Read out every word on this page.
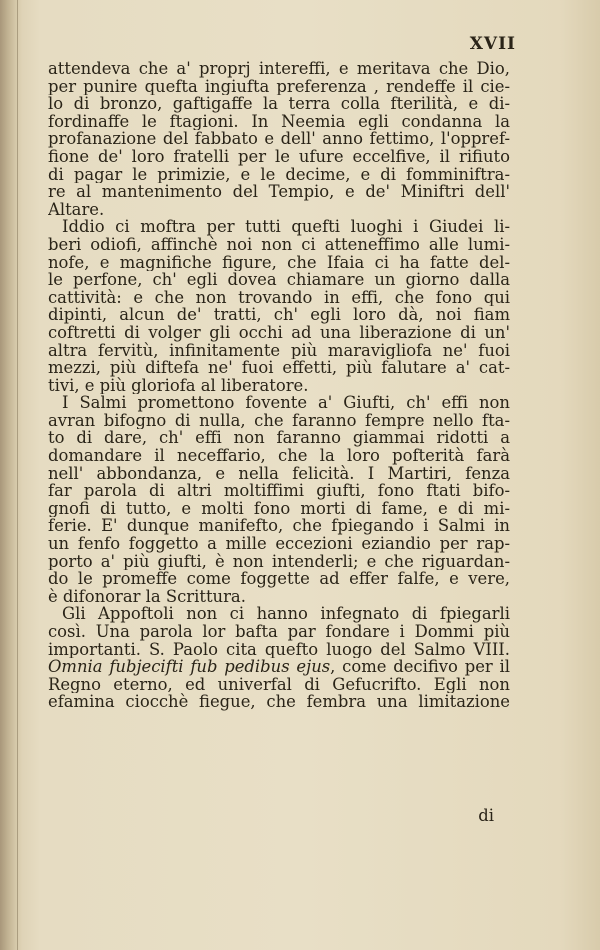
XVII
attendeva che a' proprj intereffi, e meritava che Dio,
per punire quefta ingiufta preferenza , rendeffe il cie-
lo di bronzo, gaftigaffe la terra colla fterilità, e di-
fordinaffe le ftagioni. In Neemia egli condanna la
profanazione del fabbato e dell' anno fettimo, l'oppref-
fione de' loro fratelli per le ufure eccelfive, il rifiuto
di pagar le primizie, e le decime, e di fomminiftra-
re al mantenimento del Tempio, e de' Miniftri dell'
Altare.
Iddio ci moftra per tutti quefti luoghi i Giudei li-
beri odiofi, affinchè noi non ci atteneffimo alle lumi-
nofe, e magnifiche figure, che Ifaia ci ha fatte del-
le perfone, ch' egli dovea chiamare un giorno dalla
cattività: e che non trovando in effi, che fono qui
dipinti, alcun de' tratti, ch' egli loro dà, noi fiam
coftretti di volger gli occhi ad una liberazione di un'
altra fervitù, infinitamente più maravigliofa ne' fuoi
mezzi, più diftefa ne' fuoi effetti, più falutare a' cat-
tivi, e più gloriofa al liberatore.
I Salmi promettono fovente a' Giufti, ch' effi non
avran bifogno di nulla, che faranno fempre nello fta-
to di dare, ch' effi non faranno giammai ridotti a
domandare il neceffario, che la loro pofterità farà
nell' abbondanza, e nella felicità. I Martiri, fenza
far parola di altri moltiffimi giufti, fono ftati bifo-
gnofi di tutto, e molti fono morti di fame, e di mi-
ferie. E' dunque manifefto, che fpiegando i Salmi in
un fenfo foggetto a mille eccezioni eziandio per rap-
porto a' più giufti, è non intenderli; e che riguardan-
do le promeffe come foggette ad effer falfe, e vere,
è difonorar la Scrittura.
Gli Appoftoli non ci hanno infegnato di fpiegarli
così. Una parola lor bafta par fondare i Dommi più
importanti. S. Paolo cita quefto luogo del Salmo VIII.
Omnia fubjecifti fub pedibus ejus, come decifivo per il
Regno eterno, ed univerfal di Gefucrifto. Egli non
efamina ciocchè fiegue, che fembra una limitazione
di
